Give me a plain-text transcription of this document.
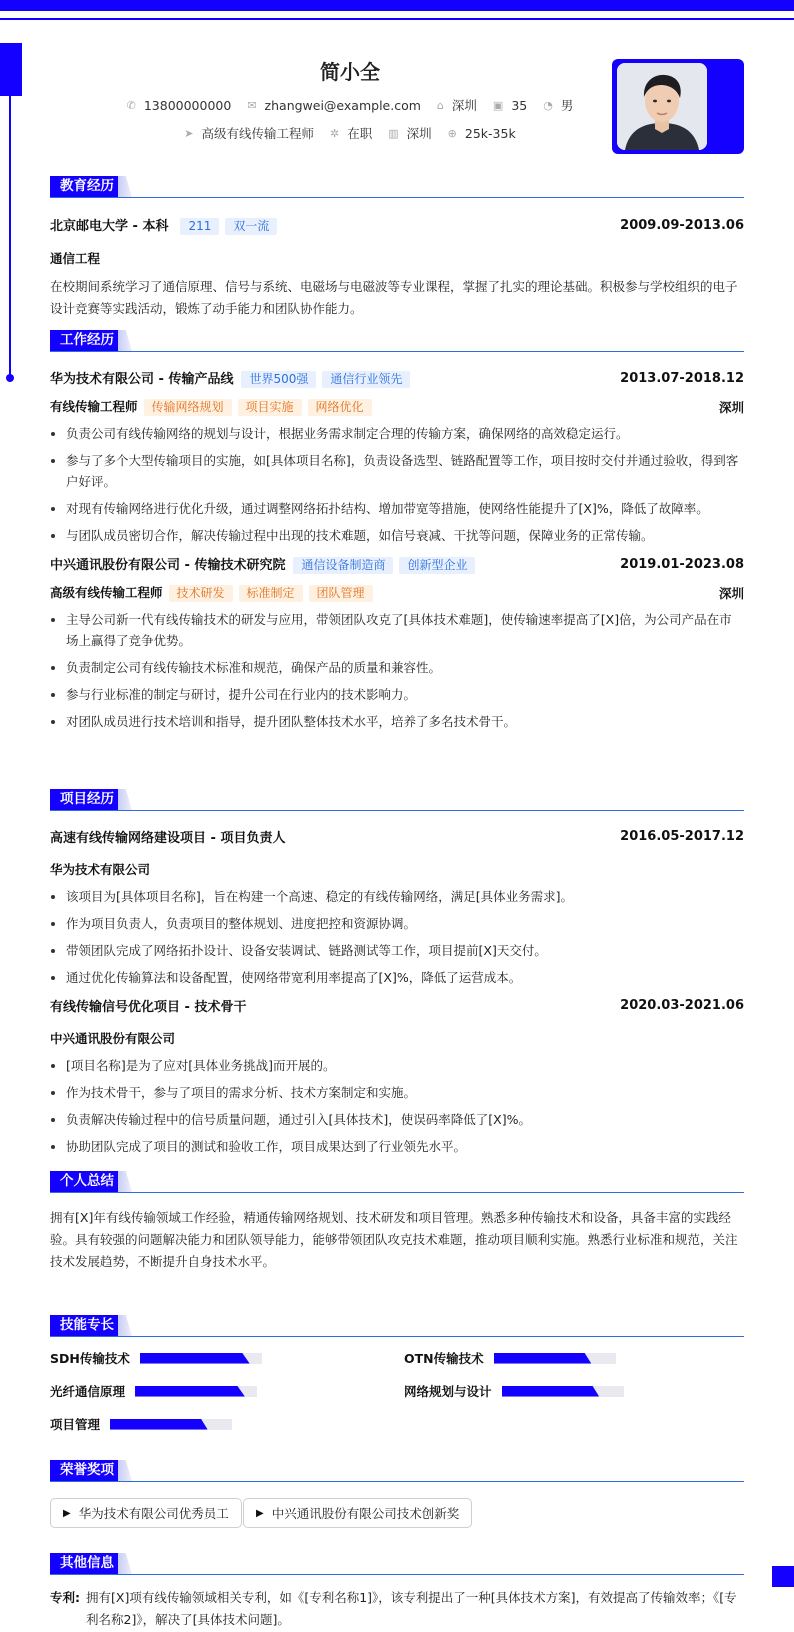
简小全
✆ 13800000000 ✉ zhangwei@example.com ⌂ 深圳 ▣ 35 ◔ 男
➤ 高级有线传输工程师 ✲ 在职 ▥ 深圳 ⊕ 25k-35k
教育经历
北京邮电大学 - 本科 211 双一流	2009.09-2013.06
通信工程
在校期间系统学习了通信原理、信号与系统、电磁场与电磁波等专业课程，掌握了扎实的理论基础。积极参与学校组织的电子设计竞赛等实践活动，锻炼了动手能力和团队协作能力。
工作经历
华为技术有限公司 - 传输产品线 世界500强 通信行业领先	2013.07-2018.12
有线传输工程师 传输网络规划 项目实施 网络优化	深圳
负责公司有线传输网络的规划与设计，根据业务需求制定合理的传输方案，确保网络的高效稳定运行。
参与了多个大型传输项目的实施，如[具体项目名称]，负责设备选型、链路配置等工作，项目按时交付并通过验收，得到客户好评。
对现有传输网络进行优化升级，通过调整网络拓扑结构、增加带宽等措施，使网络性能提升了[X]%，降低了故障率。
与团队成员密切合作，解决传输过程中出现的技术难题，如信号衰减、干扰等问题，保障业务的正常传输。
中兴通讯股份有限公司 - 传输技术研究院 通信设备制造商 创新型企业	2019.01-2023.08
高级有线传输工程师 技术研发 标准制定 团队管理	深圳
主导公司新一代有线传输技术的研发与应用，带领团队攻克了[具体技术难题]，使传输速率提高了[X]倍，为公司产品在市场上赢得了竞争优势。
负责制定公司有线传输技术标准和规范，确保产品的质量和兼容性。
参与行业标准的制定与研讨，提升公司在行业内的技术影响力。
对团队成员进行技术培训和指导，提升团队整体技术水平，培养了多名技术骨干。
项目经历
高速有线传输网络建设项目 - 项目负责人	2016.05-2017.12
华为技术有限公司
该项目为[具体项目名称]，旨在构建一个高速、稳定的有线传输网络，满足[具体业务需求]。
作为项目负责人，负责项目的整体规划、进度把控和资源协调。
带领团队完成了网络拓扑设计、设备安装调试、链路测试等工作，项目提前[X]天交付。
通过优化传输算法和设备配置，使网络带宽利用率提高了[X]%，降低了运营成本。
有线传输信号优化项目 - 技术骨干	2020.03-2021.06
中兴通讯股份有限公司
[项目名称]是为了应对[具体业务挑战]而开展的。
作为技术骨干，参与了项目的需求分析、技术方案制定和实施。
负责解决传输过程中的信号质量问题，通过引入[具体技术]，使误码率降低了[X]%。
协助团队完成了项目的测试和验收工作，项目成果达到了行业领先水平。
个人总结
拥有[X]年有线传输领域工作经验，精通传输网络规划、技术研发和项目管理。熟悉多种传输技术和设备，具备丰富的实践经验。具有较强的问题解决能力和团队领导能力，能够带领团队攻克技术难题，推动项目顺利实施。熟悉行业标准和规范，关注技术发展趋势，不断提升自身技术水平。
技能专长
SDH传输技术	OTN传输技术
光纤通信原理	网络规划与设计
项目管理
荣誉奖项
▶ 华为技术有限公司优秀员工	▶ 中兴通讯股份有限公司技术创新奖
其他信息
专利: 拥有[X]项有线传输领域相关专利，如《[专利名称1]》，该专利提出了一种[具体技术方案]，有效提高了传输效率；《[专利名称2]》，解决了[具体技术问题]。
